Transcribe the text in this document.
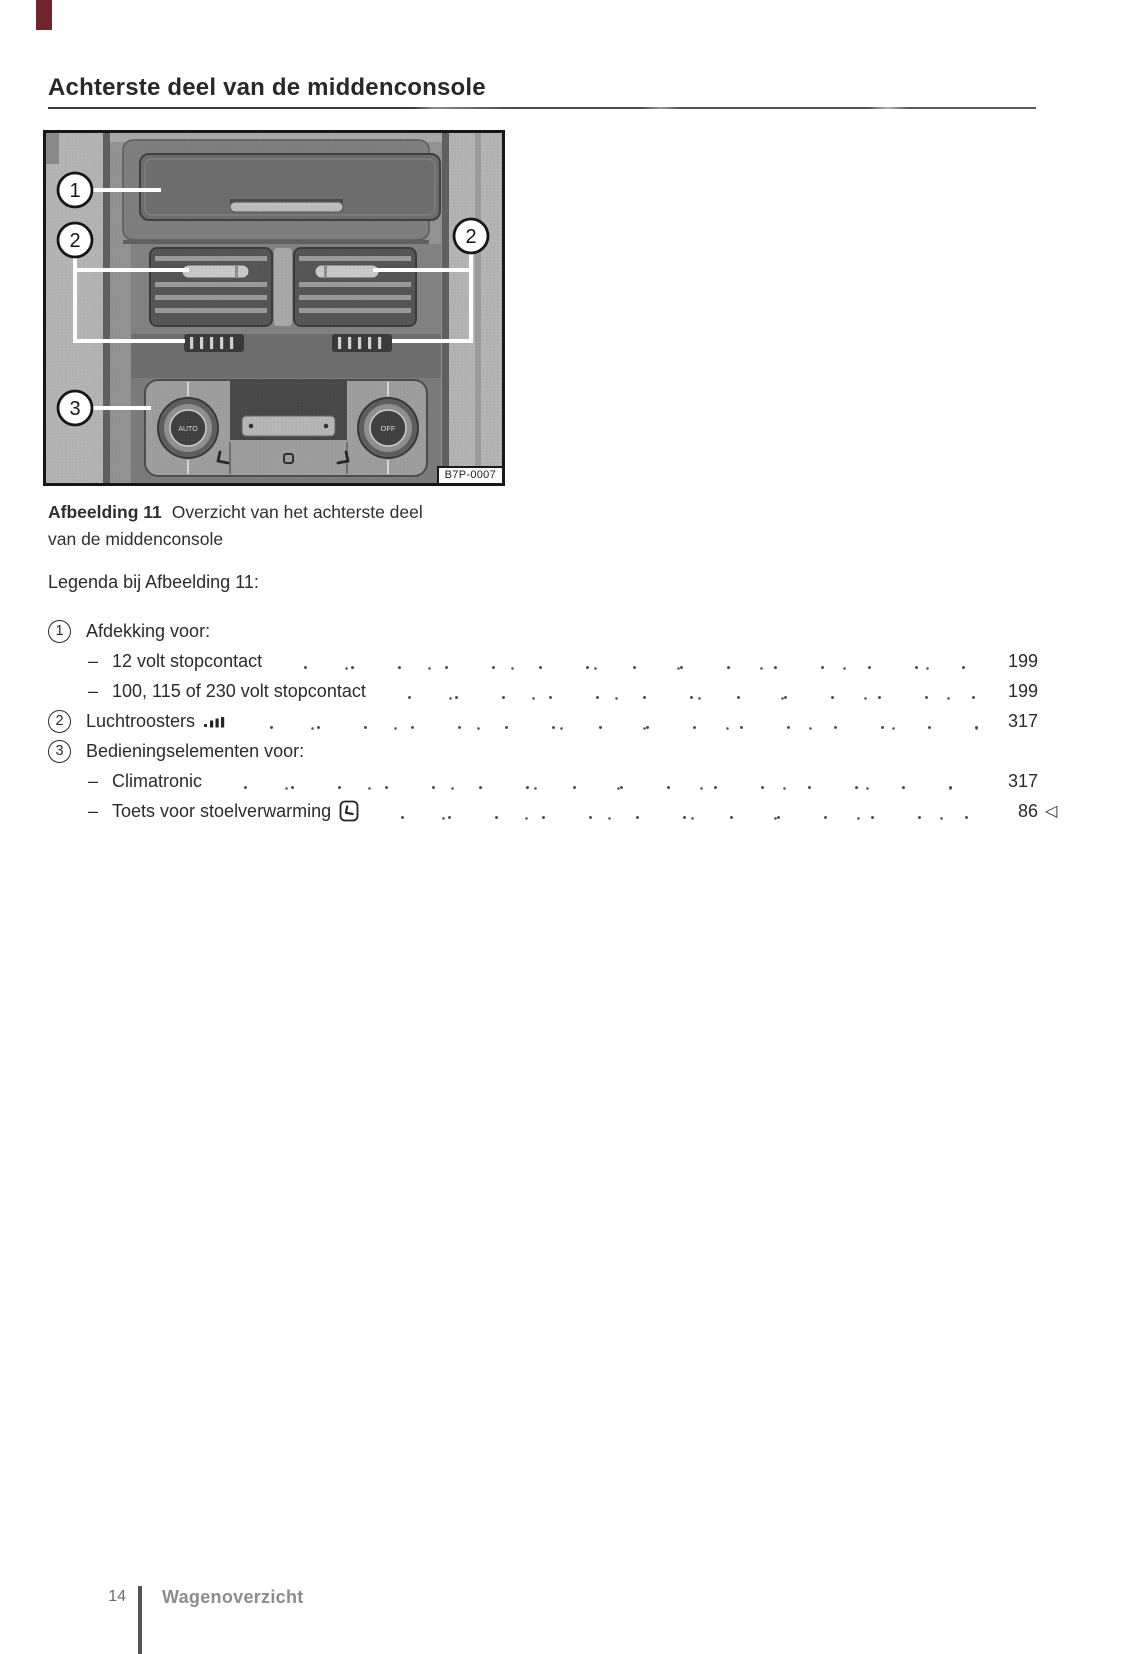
Achterste deel van de middenconsole
AUTO	OFF
1
2	2
3
B7P-0007
Afbeelding 11 Overzicht van het achterste deel
van de middenconsole
Legenda bij Afbeelding 11:
1	Afdekking voor:
– 12 volt stopcontact	199
– 100, 115 of 230 volt stopcontact	199
2	Luchtroosters	317
3	Bedieningselementen voor:
– Climatronic	317
– Toets voor stoelverwarming	86 ◁
14 Wagenoverzicht
